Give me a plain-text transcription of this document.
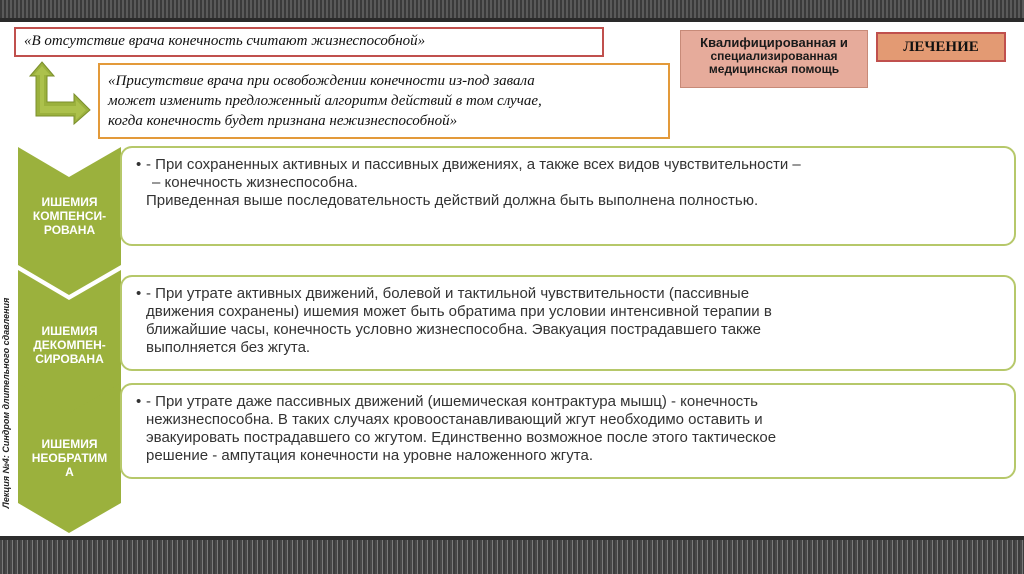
Лекция №4: Синдром длительного сдавления
«В отсутствие врача конечность считают жизнеспособной»
«Присутствие врача при освобождении конечности из-под завала
может изменить предложенный алгоритм действий в том случае,
когда конечность будет признана нежизнеспособной»
Квалифицированная и
специализированная
медицинская помощь
ЛЕЧЕНИЕ
ИШЕМИЯ
КОМПЕНСИ-
РОВАНА
• - При сохраненных активных и пассивных движениях, а также всех видов чувствительности –
– конечность жизнеспособна.
Приведенная выше последовательность действий должна быть выполнена полностью.
ИШЕМИЯ
ДЕКОМПЕН-
СИРОВАНА
• - При утрате активных движений, болевой и тактильной чувствительности (пассивные
движения сохранены) ишемия может быть обратима при условии интенсивной терапии в
ближайшие часы, конечность условно жизнеспособна. Эвакуация пострадавшего также
выполняется без жгута.
ИШЕМИЯ
НЕОБРАТИМ
А
• - При утрате даже пассивных движений (ишемическая контрактура мышц) - конечность
нежизнеспособна. В таких случаях кровоостанавливающий жгут необходимо оставить и
эвакуировать пострадавшего со жгутом. Единственно возможное после этого тактическое
решение - ампутация конечности на уровне наложенного жгута.
